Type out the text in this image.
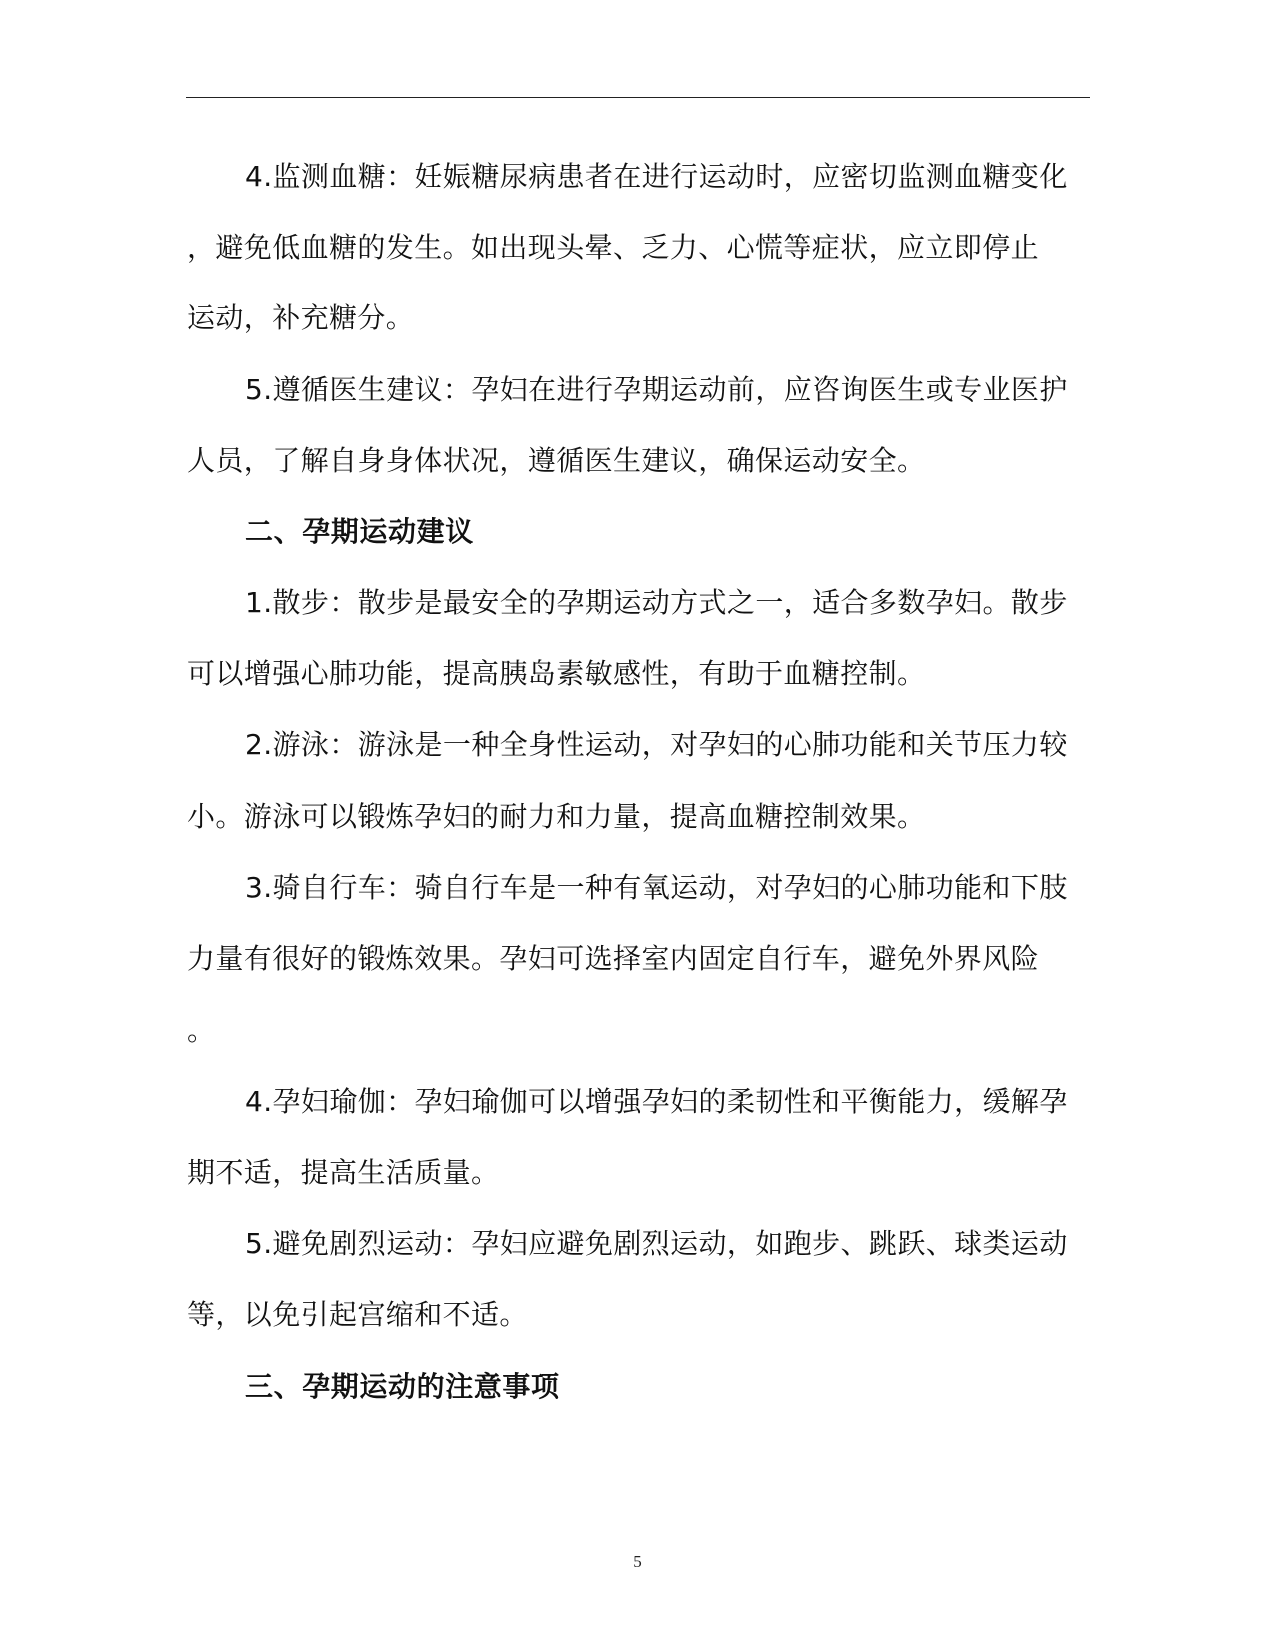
4.监测血糖：妊娠糖尿病患者在进行运动时，应密切监测血糖变化
，避免低血糖的发生。如出现头晕、乏力、心慌等症状，应立即停止
运动，补充糖分。
5.遵循医生建议：孕妇在进行孕期运动前，应咨询医生或专业医护
人员，了解自身身体状况，遵循医生建议，确保运动安全。
二、孕期运动建议
1.散步：散步是最安全的孕期运动方式之一，适合多数孕妇。散步
可以增强心肺功能，提高胰岛素敏感性，有助于血糖控制。
2.游泳：游泳是一种全身性运动，对孕妇的心肺功能和关节压力较
小。游泳可以锻炼孕妇的耐力和力量，提高血糖控制效果。
3.骑自行车：骑自行车是一种有氧运动，对孕妇的心肺功能和下肢
力量有很好的锻炼效果。孕妇可选择室内固定自行车，避免外界风险
。
4.孕妇瑜伽：孕妇瑜伽可以增强孕妇的柔韧性和平衡能力，缓解孕
期不适，提高生活质量。
5.避免剧烈运动：孕妇应避免剧烈运动，如跑步、跳跃、球类运动
等，以免引起宫缩和不适。
三、孕期运动的注意事项
5
